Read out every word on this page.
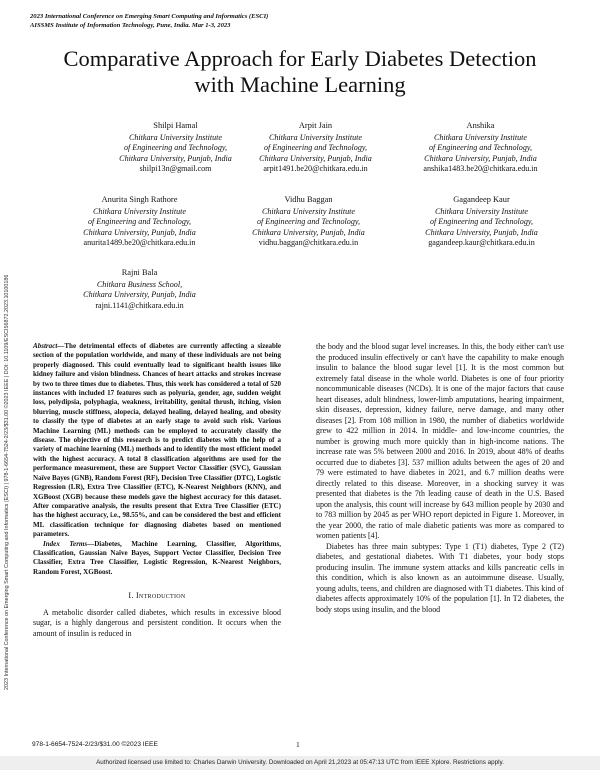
2023 International Conference on Emerging Smart Computing and Informatics (ESCI)
AISSMS Institute of Information Technology, Pune, India. Mar 1-3, 2023
2023 International Conference on Emerging Smart Computing and Informatics (ESCI) | 978-1-6654-7524-2/23/$31.00 ©2023 IEEE | DOI: 10.1109/ESCI56872.2023.10100186
Comparative Approach for Early Diabetes Detection
with Machine Learning
Shilpi Hamal
Chitkara University Institute
of Engineering and Technology,
Chitkara University, Punjab, India
shilpi13n@gmail.com
Arpit Jain
Chitkara University Institute
of Engineering and Technology,
Chitkara University, Punjab, India
arpit1491.be20@chitkara.edu.in
Anshika
Chitkara University Institute
of Engineering and Technology,
Chitkara University, Punjab, India
anshika1483.be20@chitkara.edu.in
Anurita Singh Rathore
Chitkara University Institute
of Engineering and Technology,
Chitkara University, Punjab, India
anurita1489.be20@chitkara.edu.in
Vidhu Baggan
Chitkara University Institute
of Engineering and Technology,
Chitkara University, Punjab, India
vidhu.baggan@chitkara.edu.in
Gagandeep Kaur
Chitkara University Institute
of Engineering and Technology,
Chitkara University, Punjab, India
gagandeep.kaur@chitkara.edu.in
Rajni Bala
Chitkara Business School,
Chitkara University, Punjab, India
rajni.1141@chitkara.edu.in
Abstract—The detrimental effects of diabetes are currently affecting a sizeable section of the population worldwide, and many of these individuals are not being properly diagnosed. This could eventually lead to significant health issues like kidney failure and vision blindness. Chances of heart attacks and strokes increase by two to three times due to diabetes. Thus, this work has considered a total of 520 instances with included 17 features such as polyuria, gender, age, sudden weight loss, polydipsia, polyphagia, weakness, irritability, genital thrush, itching, vision blurring, muscle stiffness, alopecia, delayed healing, delayed healing, and obesity to classify the type of diabetes at an early stage to avoid such risk. Various Machine Learning (ML) methods can be employed to accurately classify the disease. The objective of this research is to predict diabetes with the help of a variety of machine learning (ML) methods and to identify the most efficient model with the highest accuracy. A total 8 classification algorithms are used for the performance measurement, these are Support Vector Classifier (SVC), Gaussian Naïve Bayes (GNB), Random Forest (RF), Decision Tree Classifier (DTC), Logistic Regression (LR), Extra Tree Classifier (ETC), K-Nearest Neighbors (KNN), and XGBoost (XGB) because these models gave the highest accuracy for this dataset. After comparative analysis, the results present that Extra Tree Classifier (ETC) has the highest accuracy, i.e., 98.55%, and can be considered the best and efficient ML classification technique for diagnosing diabetes based on mentioned parameters.
Index Terms—Diabetes, Machine Learning, Classifier, Algorithms, Classification, Gaussian Naïve Bayes, Support Vector Classifier, Decision Tree Classifier, Extra Tree Classifier, Logistic Regression, K-Nearest Neighbors, Random Forest, XGBoost.
I. Introduction

A metabolic disorder called diabetes, which results in excessive blood sugar, is a highly dangerous and persistent condition. It occurs when the amount of insulin is reduced in

the body and the blood sugar level increases. In this, the body either can't use the produced insulin effectively or can't have the capability to make enough insulin to balance the blood sugar level [1]. It is the most common but extremely fatal disease in the whole world. Diabetes is one of four priority noncommunicable diseases (NCDs). It is one of the major factors that cause heart diseases, adult blindness, lower-limb amputations, hearing impairment, skin diseases, depression, kidney failure, nerve damage, and many other diseases [2]. From 108 million in 1980, the number of diabetics worldwide grew to 422 million in 2014. In middle- and low-income countries, the number is growing much more quickly than in high-income nations. The increase rate was 5% between 2000 and 2016. In 2019, about 48% of deaths occurred due to diabetes [3]. 537 million adults between the ages of 20 and 79 were estimated to have diabetes in 2021, and 6.7 million deaths were directly related to this disease. Moreover, in a shocking survey it was presented that diabetes is the 7th leading cause of death in the U.S. Based upon the analysis, this count will increase by 643 million people by 2030 and to 783 million by 2045 as per WHO report depicted in Figure 1. Moreover, in the year 2000, the ratio of male diabetic patients was more as compared to women patients [4].

Diabetes has three main subtypes: Type 1 (T1) diabetes, Type 2 (T2) diabetes, and gestational diabetes. With T1 diabetes, your body stops producing insulin. The immune system attacks and kills pancreatic cells in this condition, which is also known as an autoimmune disease. Usually, young adults, teens, and children are diagnosed with T1 diabetes. This kind of diabetes affects approximately 10% of the population [1]. In T2 diabetes, the body stops using insulin, and the blood

978-1-6654-7524-2/23/$31.00 ©2023 IEEE	1
Authorized licensed use limited to: Charles Darwin University. Downloaded on April 21,2023 at 05:47:13 UTC from IEEE Xplore. Restrictions apply.
